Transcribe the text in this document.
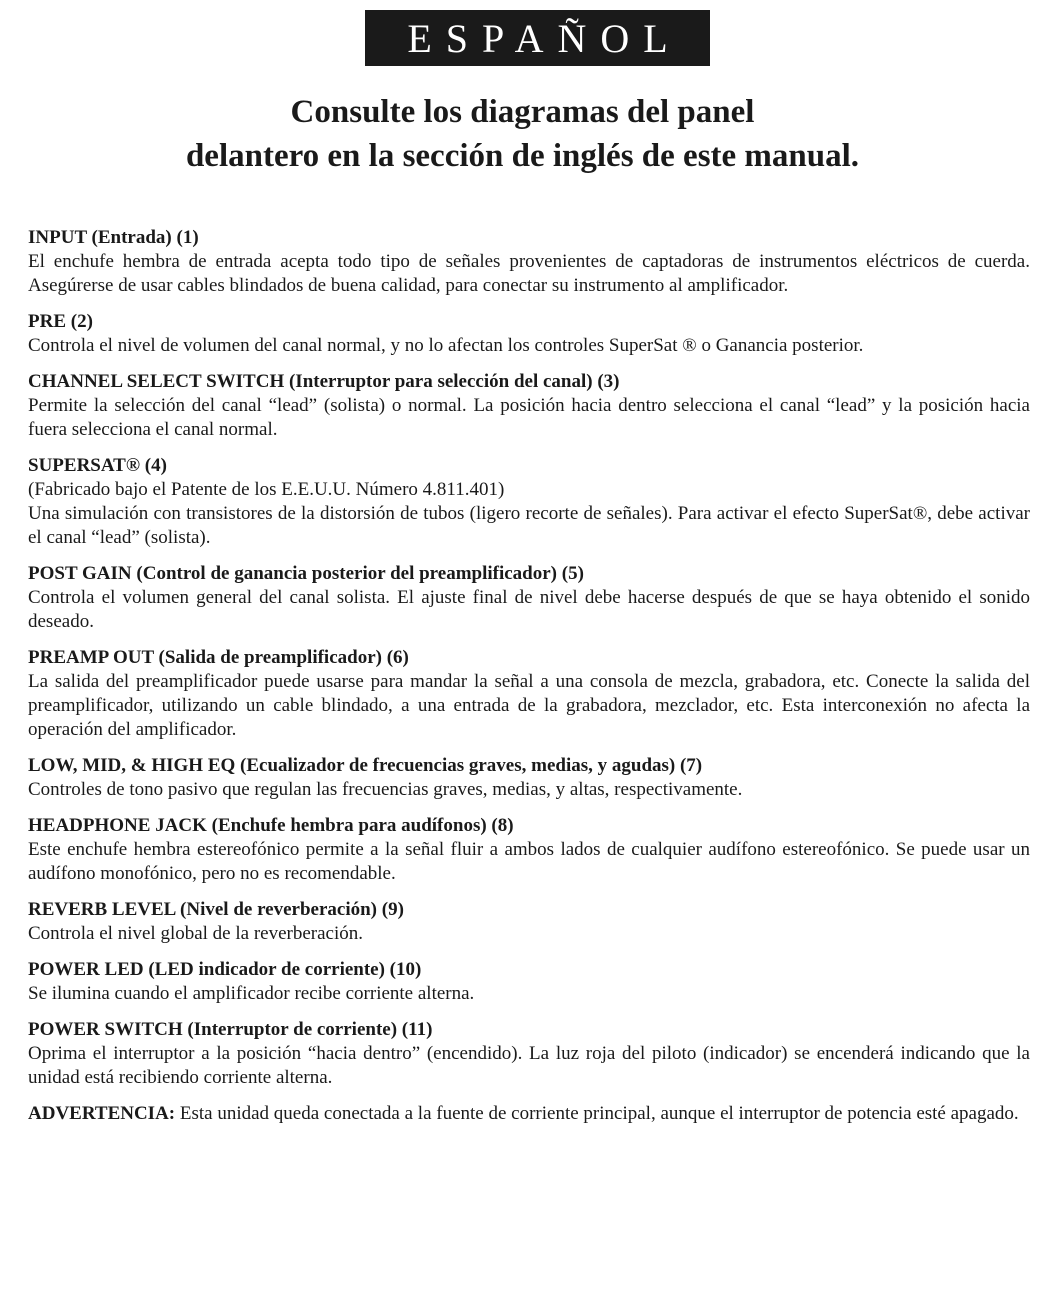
ESPAÑOL
Consulte los diagramas del panel
delantero en la sección de inglés de este manual.
INPUT (Entrada) (1)
El enchufe hembra de entrada acepta todo tipo de señales provenientes de captadoras de instrumentos eléctricos de cuerda. Asegúrerse de usar cables blindados de buena calidad, para conectar su instrumento al amplificador.
PRE (2)
Controla el nivel de volumen del canal normal, y no lo afectan los controles SuperSat ® o Ganancia posterior.
CHANNEL SELECT SWITCH (Interruptor para selección del canal) (3)
Permite la selección del canal “lead” (solista) o normal. La posición hacia dentro selecciona el canal “lead” y la posición hacia fuera selecciona el canal normal.
SUPERSAT® (4)
(Fabricado bajo el Patente de los E.E.U.U. Número 4.811.401)
Una simulación con transistores de la distorsión de tubos (ligero recorte de señales). Para activar el efecto SuperSat®, debe activar el canal “lead” (solista).
POST GAIN (Control de ganancia posterior del preamplificador) (5)
Controla el volumen general del canal solista. El ajuste final de nivel debe hacerse después de que se haya obtenido el sonido deseado.
PREAMP OUT (Salida de preamplificador) (6)
La salida del preamplificador puede usarse para mandar la señal a una consola de mezcla, grabadora, etc. Conecte la salida del preamplificador, utilizando un cable blindado, a una entrada de la grabadora, mezclador, etc. Esta interconexión no afecta la operación del amplificador.
LOW, MID, & HIGH EQ (Ecualizador de frecuencias graves, medias, y agudas) (7)
Controles de tono pasivo que regulan las frecuencias graves, medias, y altas, respectivamente.
HEADPHONE JACK (Enchufe hembra para audífonos) (8)
Este enchufe hembra estereofónico permite a la señal fluir a ambos lados de cualquier audífono estereofónico. Se puede usar un audífono monofónico, pero no es recomendable.
REVERB LEVEL (Nivel de reverberación) (9)
Controla el nivel global de la reverberación.
POWER LED (LED indicador de corriente) (10)
Se ilumina cuando el amplificador recibe corriente alterna.
POWER SWITCH (Interruptor de corriente) (11)
Oprima el interruptor a la posición “hacia dentro” (encendido). La luz roja del piloto (indicador) se encenderá indicando que la unidad está recibiendo corriente alterna.
ADVERTENCIA: Esta unidad queda conectada a la fuente de corriente principal, aunque el interruptor de potencia esté apagado.
